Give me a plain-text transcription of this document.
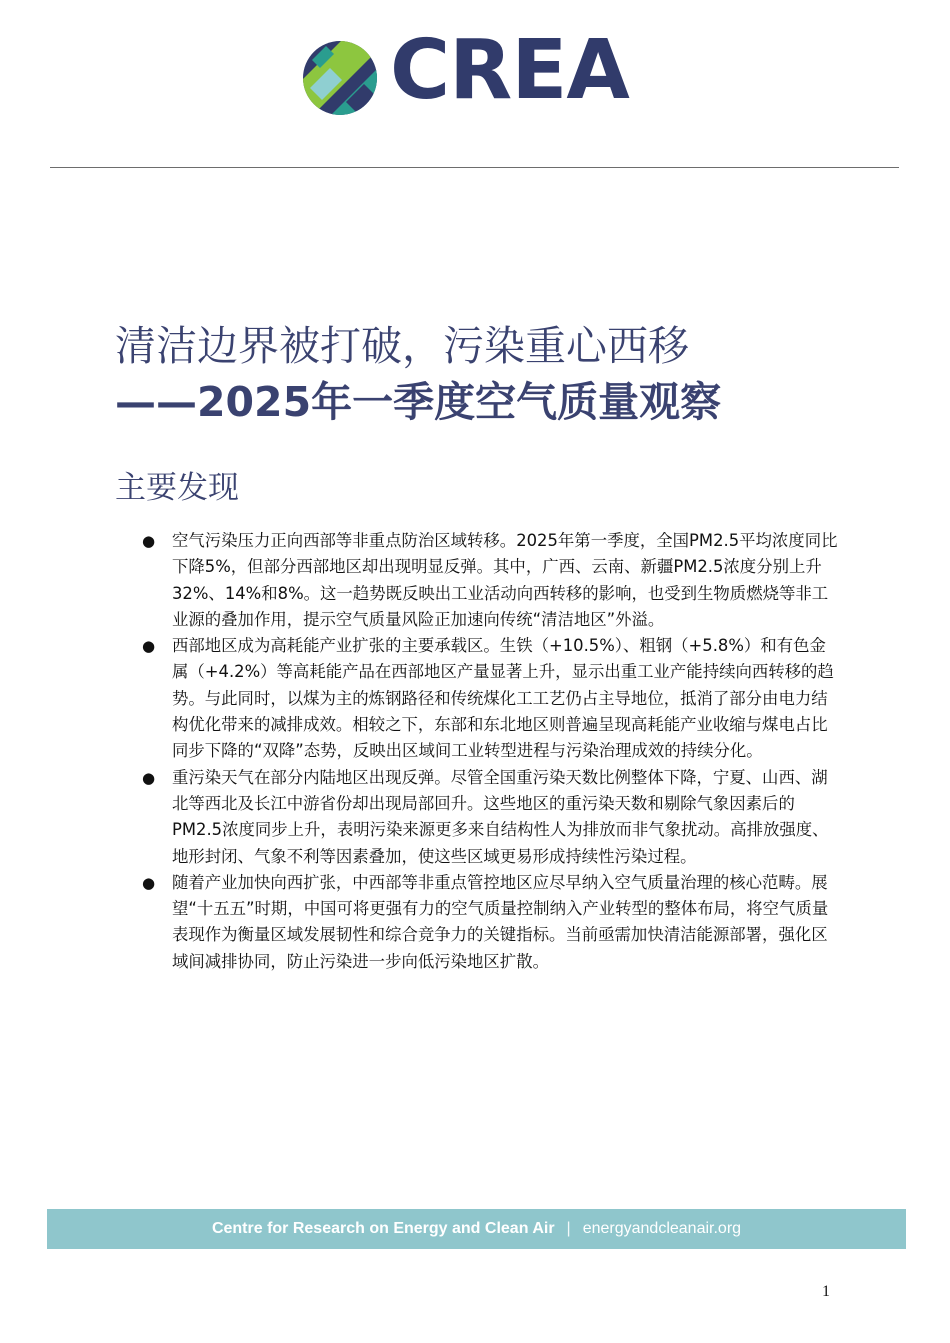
CREA
清洁边界被打破，污染重心西移
——2025年一季度空气质量观察
主要发现
● 空气污染压力正向西部等非重点防治区域转移。2025年第一季度，全国PM2.5平均浓度同比下降5%，但部分西部地区却出现明显反弹。其中，广西、云南、新疆PM2.5浓度分别上升32%、14%和8%。这一趋势既反映出工业活动向西转移的影响，也受到生物质燃烧等非工业源的叠加作用，提示空气质量风险正加速向传统“清洁地区”外溢。
● 西部地区成为高耗能产业扩张的主要承载区。生铁（+10.5%）、粗钢（+5.8%）和有色金属（+4.2%）等高耗能产品在西部地区产量显著上升，显示出重工业产能持续向西转移的趋势。与此同时，以煤为主的炼钢路径和传统煤化工工艺仍占主导地位，抵消了部分由电力结构优化带来的减排成效。相较之下，东部和东北地区则普遍呈现高耗能产业收缩与煤电占比同步下降的“双降”态势，反映出区域间工业转型进程与污染治理成效的持续分化。
● 重污染天气在部分内陆地区出现反弹。尽管全国重污染天数比例整体下降，宁夏、山西、湖北等西北及长江中游省份却出现局部回升。这些地区的重污染天数和剔除气象因素后的PM2.5浓度同步上升，表明污染来源更多来自结构性人为排放而非气象扰动。高排放强度、地形封闭、气象不利等因素叠加，使这些区域更易形成持续性污染过程。
● 随着产业加快向西扩张，中西部等非重点管控地区应尽早纳入空气质量治理的核心范畴。展望“十五五”时期，中国可将更强有力的空气质量控制纳入产业转型的整体布局，将空气质量表现作为衡量区域发展韧性和综合竞争力的关键指标。当前亟需加快清洁能源部署，强化区域间减排协同，防止污染进一步向低污染地区扩散。
Centre for Research on Energy and Clean Air | energyandcleanair.org
1
